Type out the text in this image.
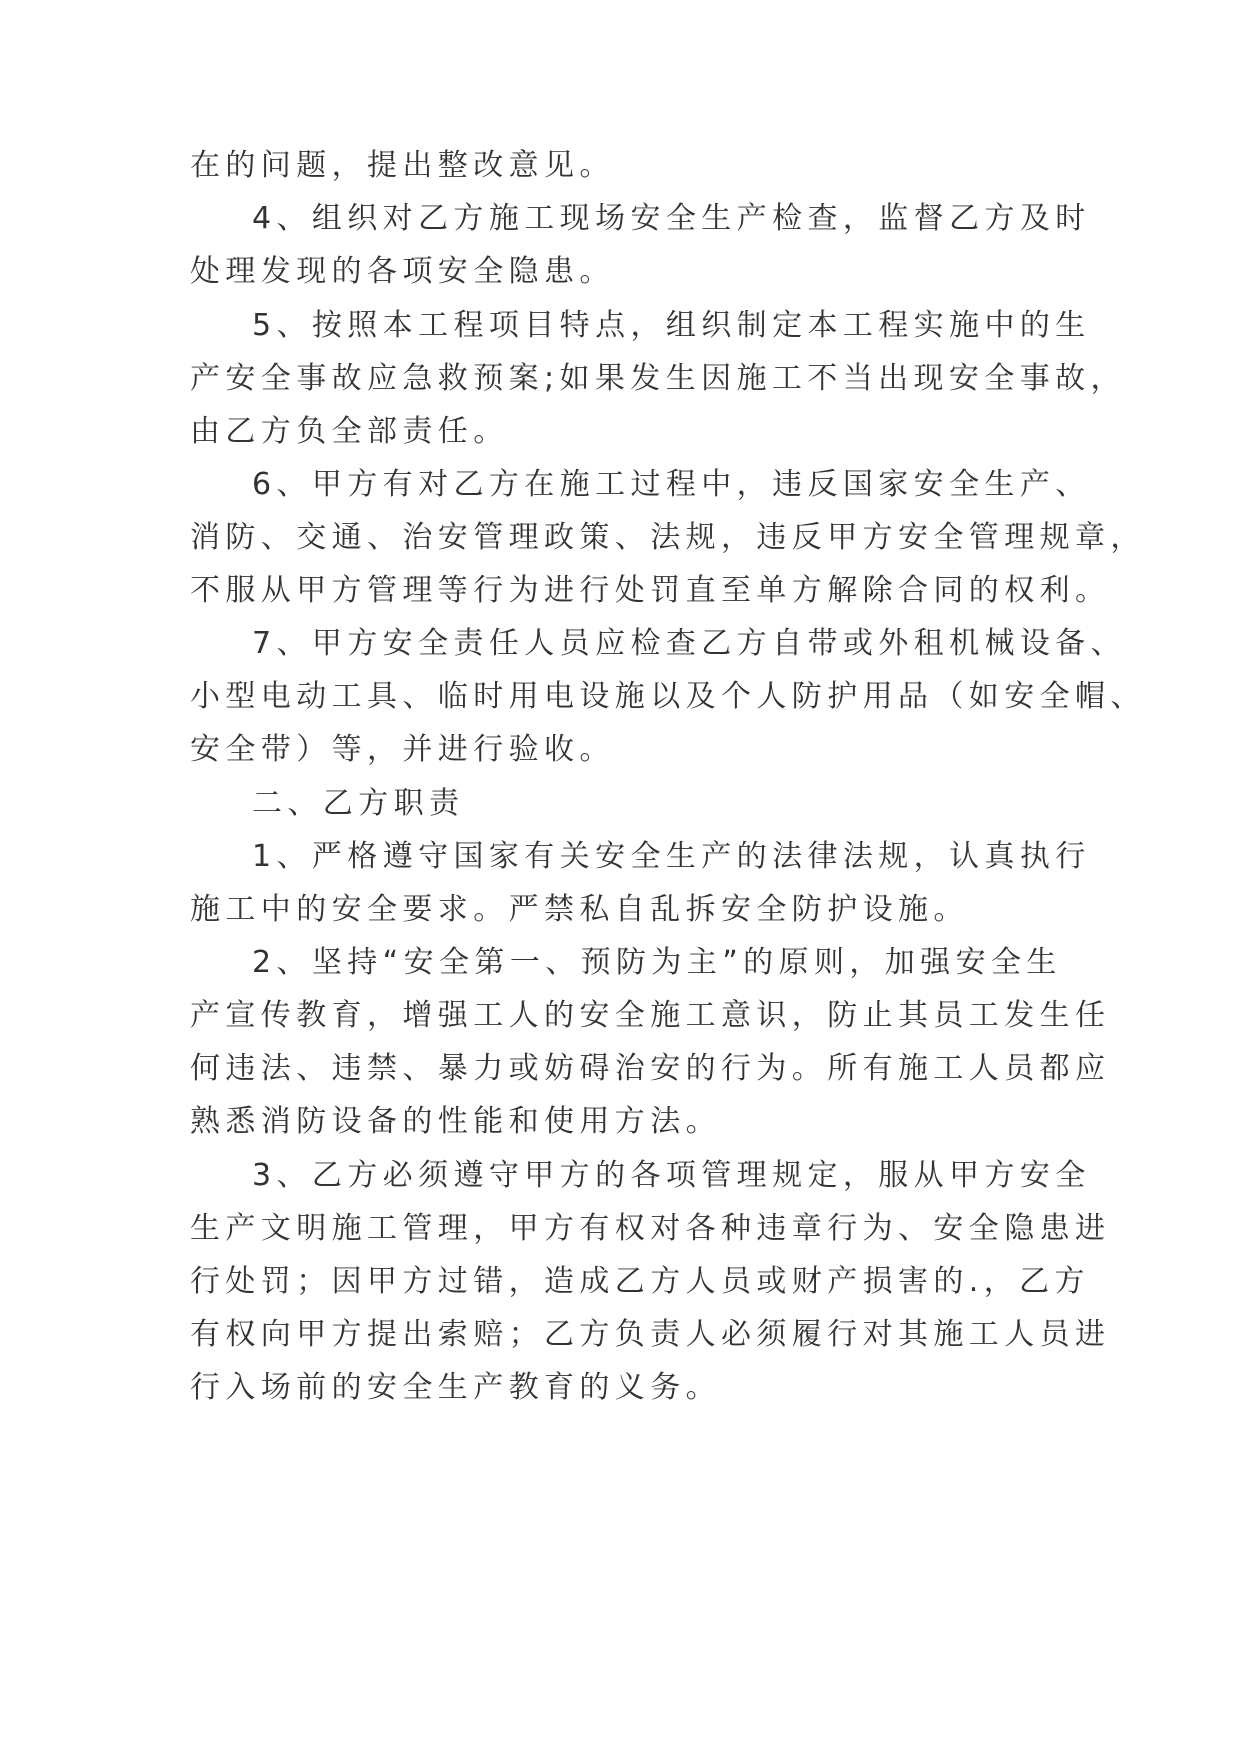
在的问题，提出整改意见。
4、组织对乙方施工现场安全生产检查，监督乙方及时
处理发现的各项安全隐患。
5、按照本工程项目特点，组织制定本工程实施中的生
产安全事故应急救预案;如果发生因施工不当出现安全事故，
由乙方负全部责任。
6、甲方有对乙方在施工过程中，违反国家安全生产、
消防、交通、治安管理政策、法规，违反甲方安全管理规章，
不服从甲方管理等行为进行处罚直至单方解除合同的权利。
7、甲方安全责任人员应检查乙方自带或外租机械设备、
小型电动工具、临时用电设施以及个人防护用品（如安全帽、
安全带）等，并进行验收。
二、乙方职责
1、严格遵守国家有关安全生产的法律法规，认真执行
施工中的安全要求。严禁私自乱拆安全防护设施。
2、坚持“安全第一、预防为主”的原则，加强安全生
产宣传教育，增强工人的安全施工意识，防止其员工发生任
何违法、违禁、暴力或妨碍治安的行为。所有施工人员都应
熟悉消防设备的性能和使用方法。
3、乙方必须遵守甲方的各项管理规定，服从甲方安全
生产文明施工管理，甲方有权对各种违章行为、安全隐患进
行处罚；因甲方过错，造成乙方人员或财产损害的.，乙方
有权向甲方提出索赔；乙方负责人必须履行对其施工人员进
行入场前的安全生产教育的义务。
